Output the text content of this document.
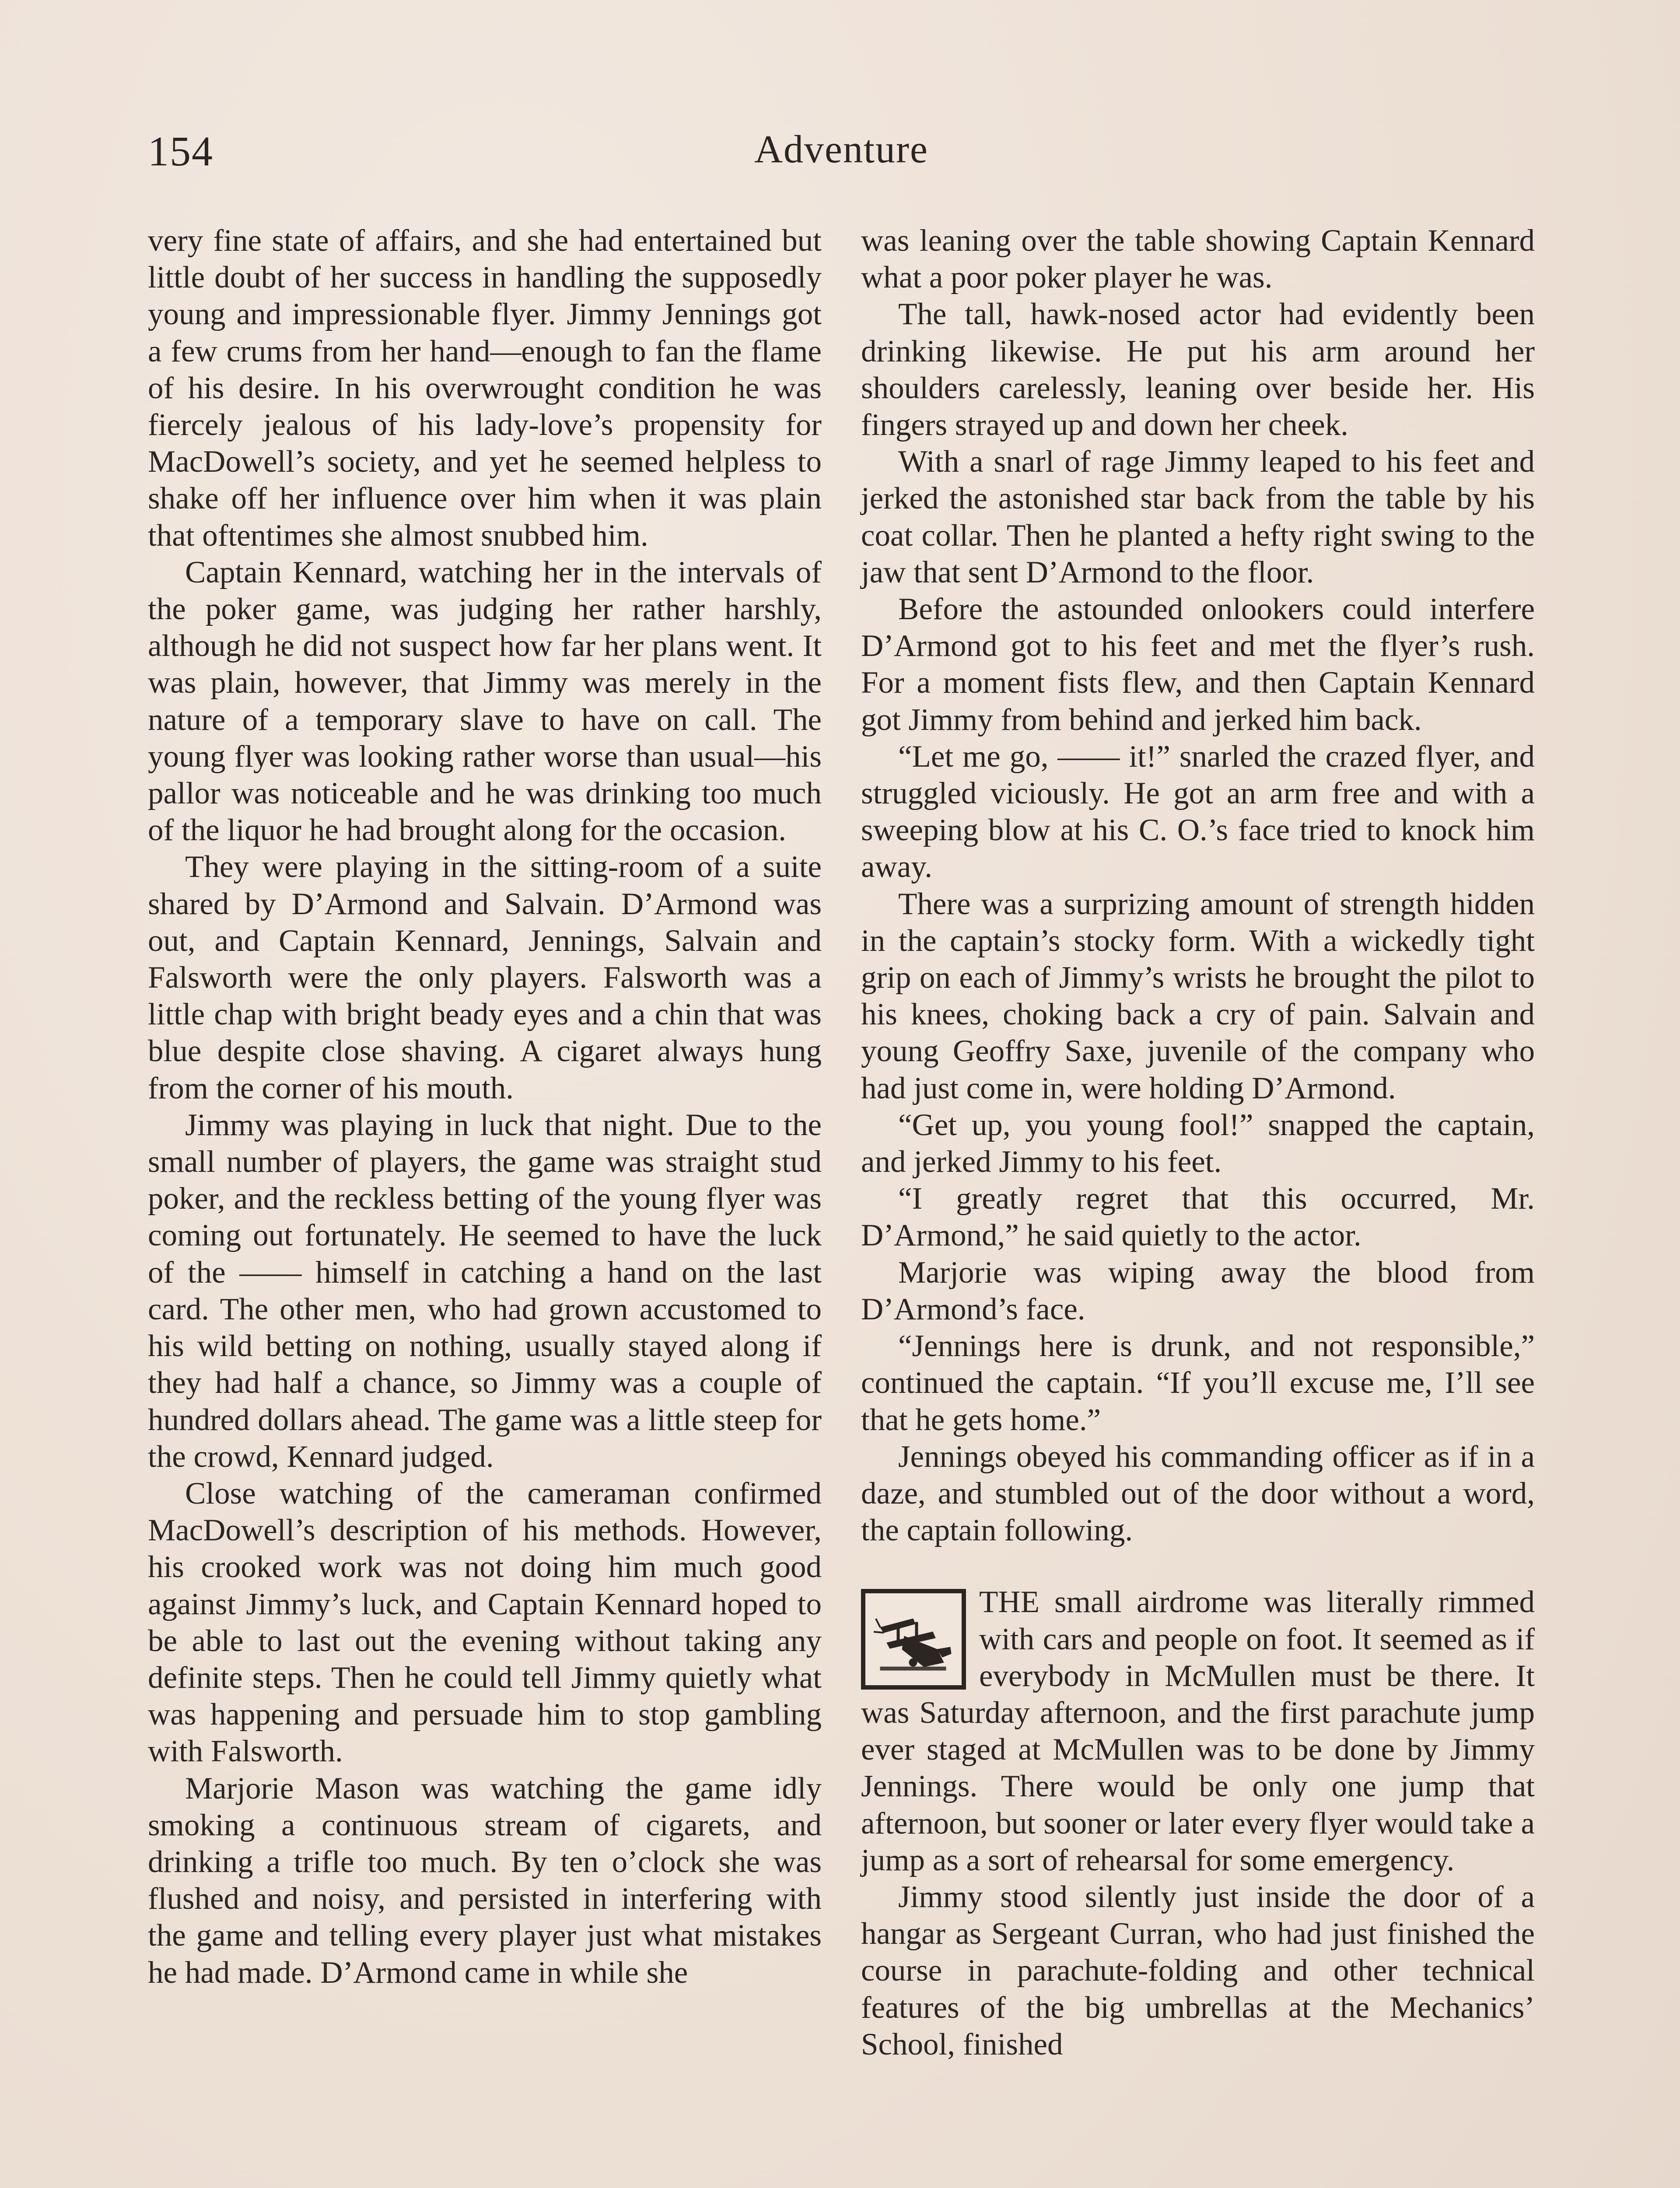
154	Adventure

very fine state of affairs, and she had entertained but little doubt of her success in handling the supposedly young and impressionable flyer. Jimmy Jennings got a few crums from her hand—enough to fan the flame of his desire. In his overwrought condition he was fiercely jealous of his lady-love’s propensity for MacDowell’s society, and yet he seemed helpless to shake off her influence over him when it was plain that oftentimes she almost snubbed him.

Captain Kennard, watching her in the intervals of the poker game, was judging her rather harshly, although he did not suspect how far her plans went. It was plain, however, that Jimmy was merely in the nature of a temporary slave to have on call. The young flyer was looking rather worse than usual—his pallor was noticeable and he was drinking too much of the liquor he had brought along for the occasion.

They were playing in the sitting-room of a suite shared by D’Armond and Salvain. D’Armond was out, and Captain Kennard, Jennings, Salvain and Falsworth were the only players. Falsworth was a little chap with bright beady eyes and a chin that was blue despite close shaving. A cigaret always hung from the corner of his mouth.

Jimmy was playing in luck that night. Due to the small number of players, the game was straight stud poker, and the reckless betting of the young flyer was coming out fortunately. He seemed to have the luck of the —— himself in catching a hand on the last card. The other men, who had grown accustomed to his wild betting on nothing, usually stayed along if they had half a chance, so Jimmy was a couple of hundred dollars ahead. The game was a little steep for the crowd, Kennard judged.

Close watching of the cameraman confirmed MacDowell’s description of his methods. However, his crooked work was not doing him much good against Jimmy’s luck, and Captain Kennard hoped to be able to last out the evening without taking any definite steps. Then he could tell Jimmy quietly what was happening and persuade him to stop gambling with Falsworth.

Marjorie Mason was watching the game idly smoking a continuous stream of cigarets, and drinking a trifle too much. By ten o’clock she was flushed and noisy, and persisted in interfering with the game and telling every player just what mistakes he had made. D’Armond came in while she

was leaning over the table showing Captain Kennard what a poor poker player he was.

The tall, hawk-nosed actor had evidently been drinking likewise. He put his arm around her shoulders carelessly, leaning over beside her. His fingers strayed up and down her cheek.

With a snarl of rage Jimmy leaped to his feet and jerked the astonished star back from the table by his coat collar. Then he planted a hefty right swing to the jaw that sent D’Armond to the floor.

Before the astounded onlookers could interfere D’Armond got to his feet and met the flyer’s rush. For a moment fists flew, and then Captain Kennard got Jimmy from behind and jerked him back.

“Let me go, —— it!” snarled the crazed flyer, and struggled viciously. He got an arm free and with a sweeping blow at his C. O.’s face tried to knock him away.

There was a surprizing amount of strength hidden in the captain’s stocky form. With a wickedly tight grip on each of Jimmy’s wrists he brought the pilot to his knees, choking back a cry of pain. Salvain and young Geoffry Saxe, juvenile of the company who had just come in, were holding D’Armond.

“Get up, you young fool!” snapped the captain, and jerked Jimmy to his feet.

“I greatly regret that this occurred, Mr. D’Armond,” he said quietly to the actor.

Marjorie was wiping away the blood from D’Armond’s face.

“Jennings here is drunk, and not responsible,” continued the captain. “If you’ll excuse me, I’ll see that he gets home.”

Jennings obeyed his commanding officer as if in a daze, and stumbled out of the door without a word, the captain following.

THE small airdrome was literally rimmed with cars and people on foot. It seemed as if everybody in McMullen must be there. It was Saturday afternoon, and the first parachute jump ever staged at McMullen was to be done by Jimmy Jennings. There would be only one jump that afternoon, but sooner or later every flyer would take a jump as a sort of rehearsal for some emergency.

Jimmy stood silently just inside the door of a hangar as Sergeant Curran, who had just finished the course in parachute-folding and other technical features of the big umbrellas at the Mechanics’ School, finished
